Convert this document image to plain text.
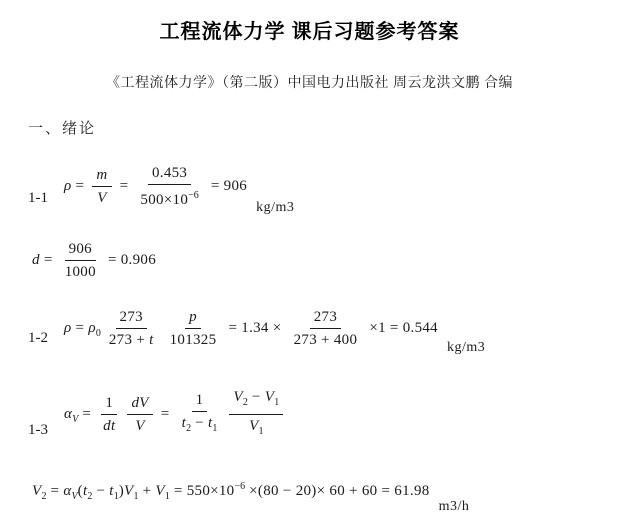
工程流体力学 课后习题参考答案
《工程流体力学》（第二版）中国电力出版社 周云龙洪文鹏 合编
一、绪论
1-1
$\rho = \frac{m}{V} = \frac{0.453}{500\times 10^{-6}} = 906$
kg/m3
$d = \frac{906}{1000} = 0.906$
1-2
$\rho = \rho_0 \frac{273}{273 + t} \frac{p}{101325} = 1.34 \times \frac{273}{273 + 400} \times 1 = 0.544$
kg/m3
1-3
$\alpha_V = \frac{1}{dt} \frac{dV}{V} = \frac{1}{t_2 - t_1} \frac{V_2 - V_1}{V_1}$
$V_2 = \alpha_V(t_2 - t_1)V_1 + V_1 = 550\times 10^{-6} \times(80 - 20)\times 60 + 60 = 61.98$
m3/h
